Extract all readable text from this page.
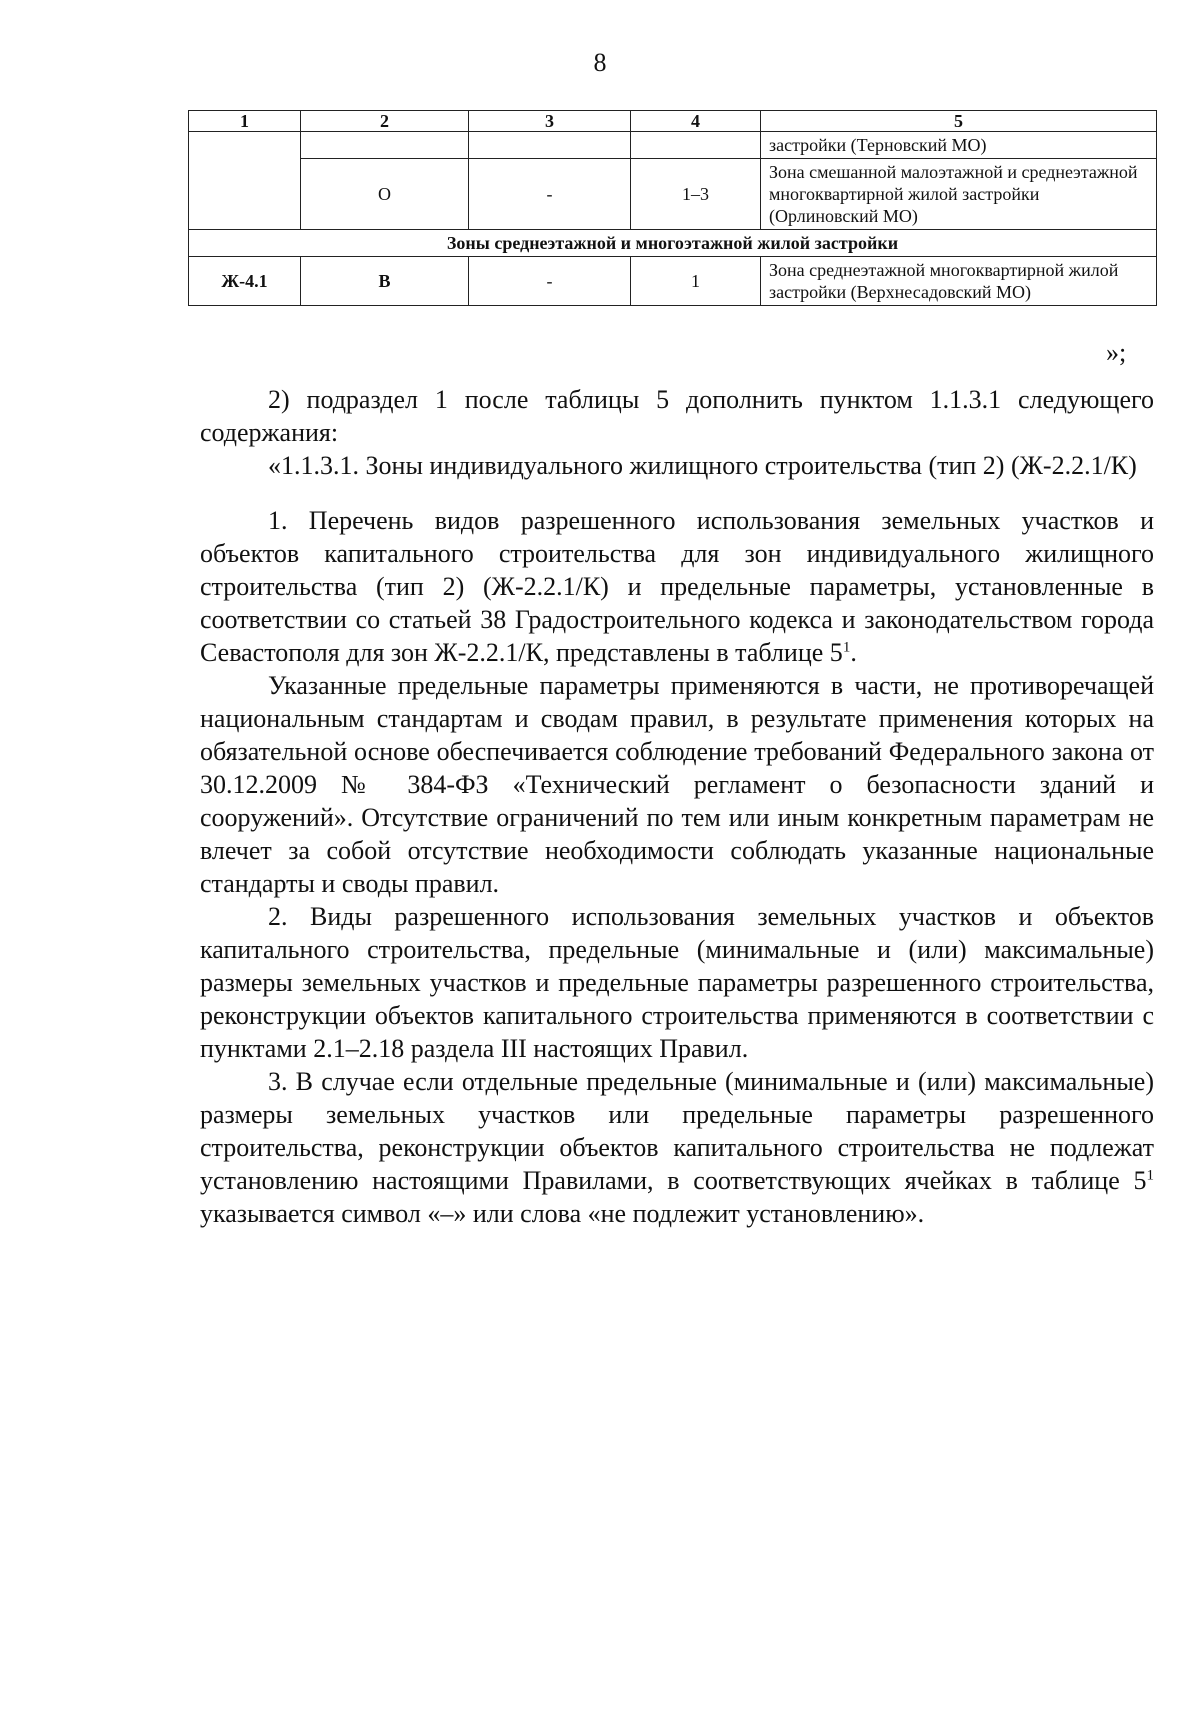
8
1	2	3	4	5
				застройки (Терновский МО)
	О	-	1–3	Зона смешанной малоэтажной и среднеэтажной многоквартирной жилой застройки (Орлиновский МО)
Зоны среднеэтажной и многоэтажной жилой застройки				
Ж-4.1	В	-	1	Зона среднеэтажной многоквартирной жилой застройки (Верхнесадовский МО)
»;

2) подраздел 1 после таблицы 5 дополнить пунктом 1.1.3.1 следующего содержания:

«1.1.3.1. Зоны индивидуального жилищного строительства (тип 2) (Ж-2.2.1/К)

1. Перечень видов разрешенного использования земельных участков и объектов капитального строительства для зон индивидуального жилищного строительства (тип 2) (Ж-2.2.1/К) и предельные параметры, установленные в соответствии со статьей 38 Градостроительного кодекса и законодательством города Севастополя для зон Ж-2.2.1/К, представлены в таблице $5^1$.

Указанные предельные параметры применяются в части, не противоречащей национальным стандартам и сводам правил, в результате применения которых на обязательной основе обеспечивается соблюдение требований Федерального закона от 30.12.2009 № 384-ФЗ «Технический регламент о безопасности зданий и сооружений». Отсутствие ограничений по тем или иным конкретным параметрам не влечет за собой отсутствие необходимости соблюдать указанные национальные стандарты и своды правил.

2. Виды разрешенного использования земельных участков и объектов капитального строительства, предельные (минимальные и (или) максимальные) размеры земельных участков и предельные параметры разрешенного строительства, реконструкции объектов капитального строительства применяются в соответствии с пунктами 2.1–2.18 раздела III настоящих Правил.

3. В случае если отдельные предельные (минимальные и (или) максимальные) размеры земельных участков или предельные параметры разрешенного строительства, реконструкции объектов капитального строительства не подлежат установлению настоящими Правилами, в соответствующих ячейках в таблице $5^1$ указывается символ «–» или слова «не подлежит установлению».
